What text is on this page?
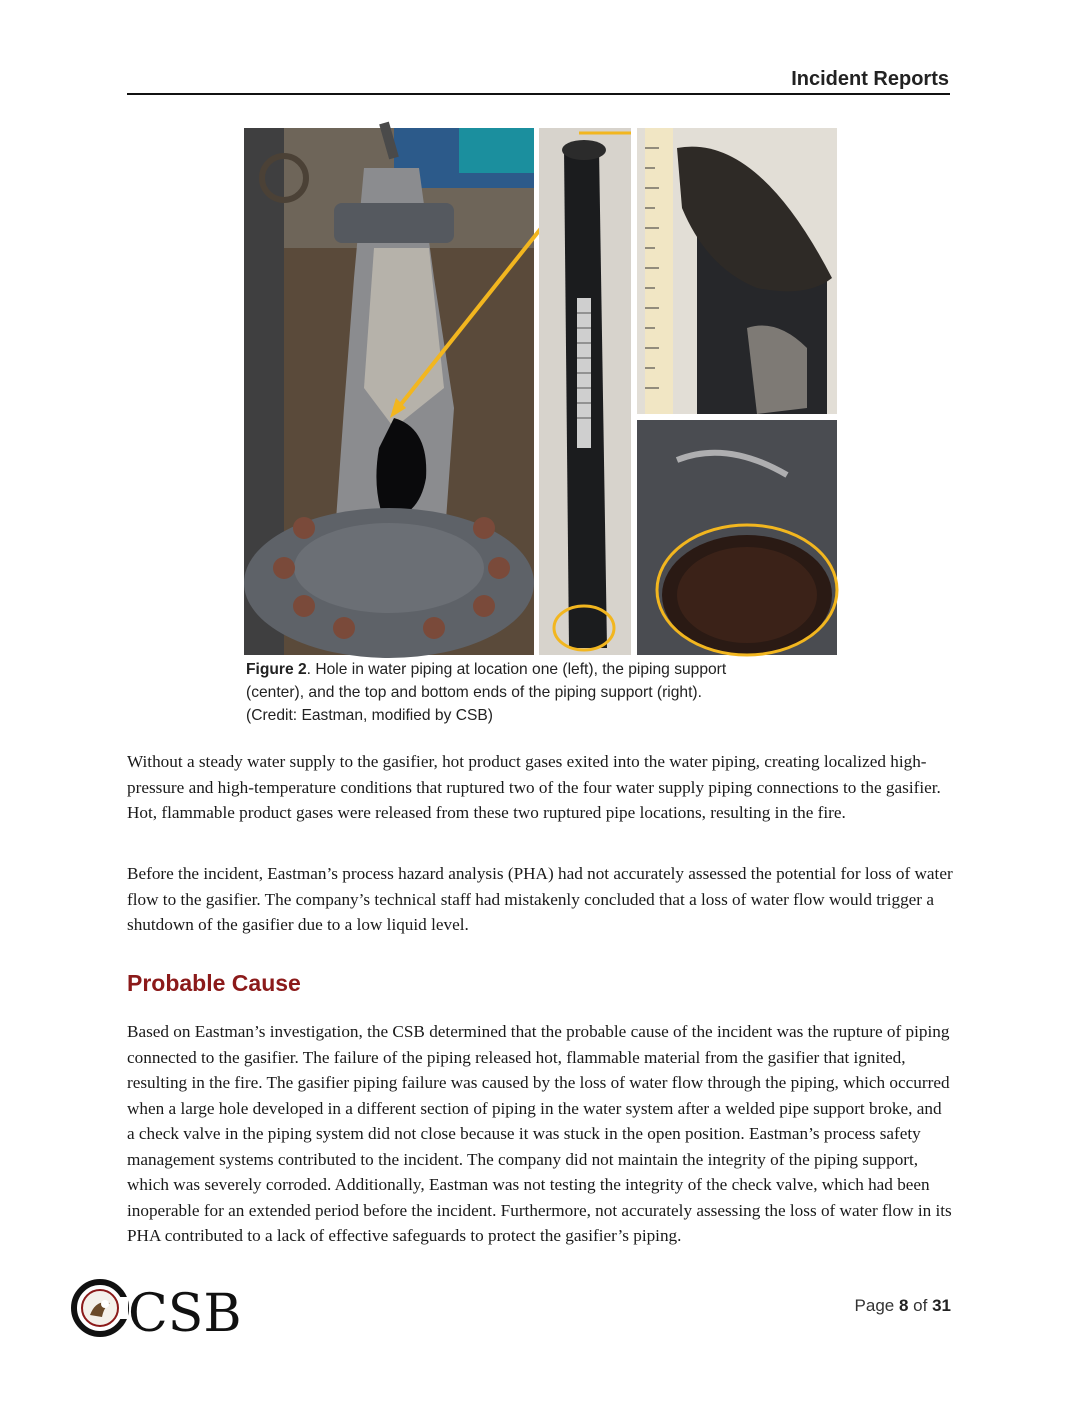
Incident Reports
Figure 2. Hole in water piping at location one (left), the piping support
(center), and the top and bottom ends of the piping support (right).
(Credit: Eastman, modified by CSB)

Without a steady water supply to the gasifier, hot product gases exited into the water piping, creating localized high-pressure and high-temperature conditions that ruptured two of the four water supply piping connections to the gasifier. Hot, flammable product gases were released from these two ruptured pipe locations, resulting in the fire.

Before the incident, Eastman’s process hazard analysis (PHA) had not accurately assessed the potential for loss of water flow to the gasifier. The company’s technical staff had mistakenly concluded that a loss of water flow would trigger a shutdown of the gasifier due to a low liquid level.

Probable Cause

Based on Eastman’s investigation, the CSB determined that the probable cause of the incident was the rupture of piping connected to the gasifier. The failure of the piping released hot, flammable material from the gasifier that ignited, resulting in the fire. The gasifier piping failure was caused by the loss of water flow through the piping, which occurred when a large hole developed in a different section of piping in the water system after a welded pipe support broke, and a check valve in the piping system did not close because it was stuck in the open position. Eastman’s process safety management systems contributed to the incident. The company did not maintain the integrity of the piping support, which was severely corroded. Additionally, Eastman was not testing the integrity of the check valve, which had been inoperable for an extended period before the incident. Furthermore, not accurately assessing the loss of water flow in its PHA contributed to a lack of effective safeguards to protect the gasifier’s piping.

CSB	Page 8 of 31
